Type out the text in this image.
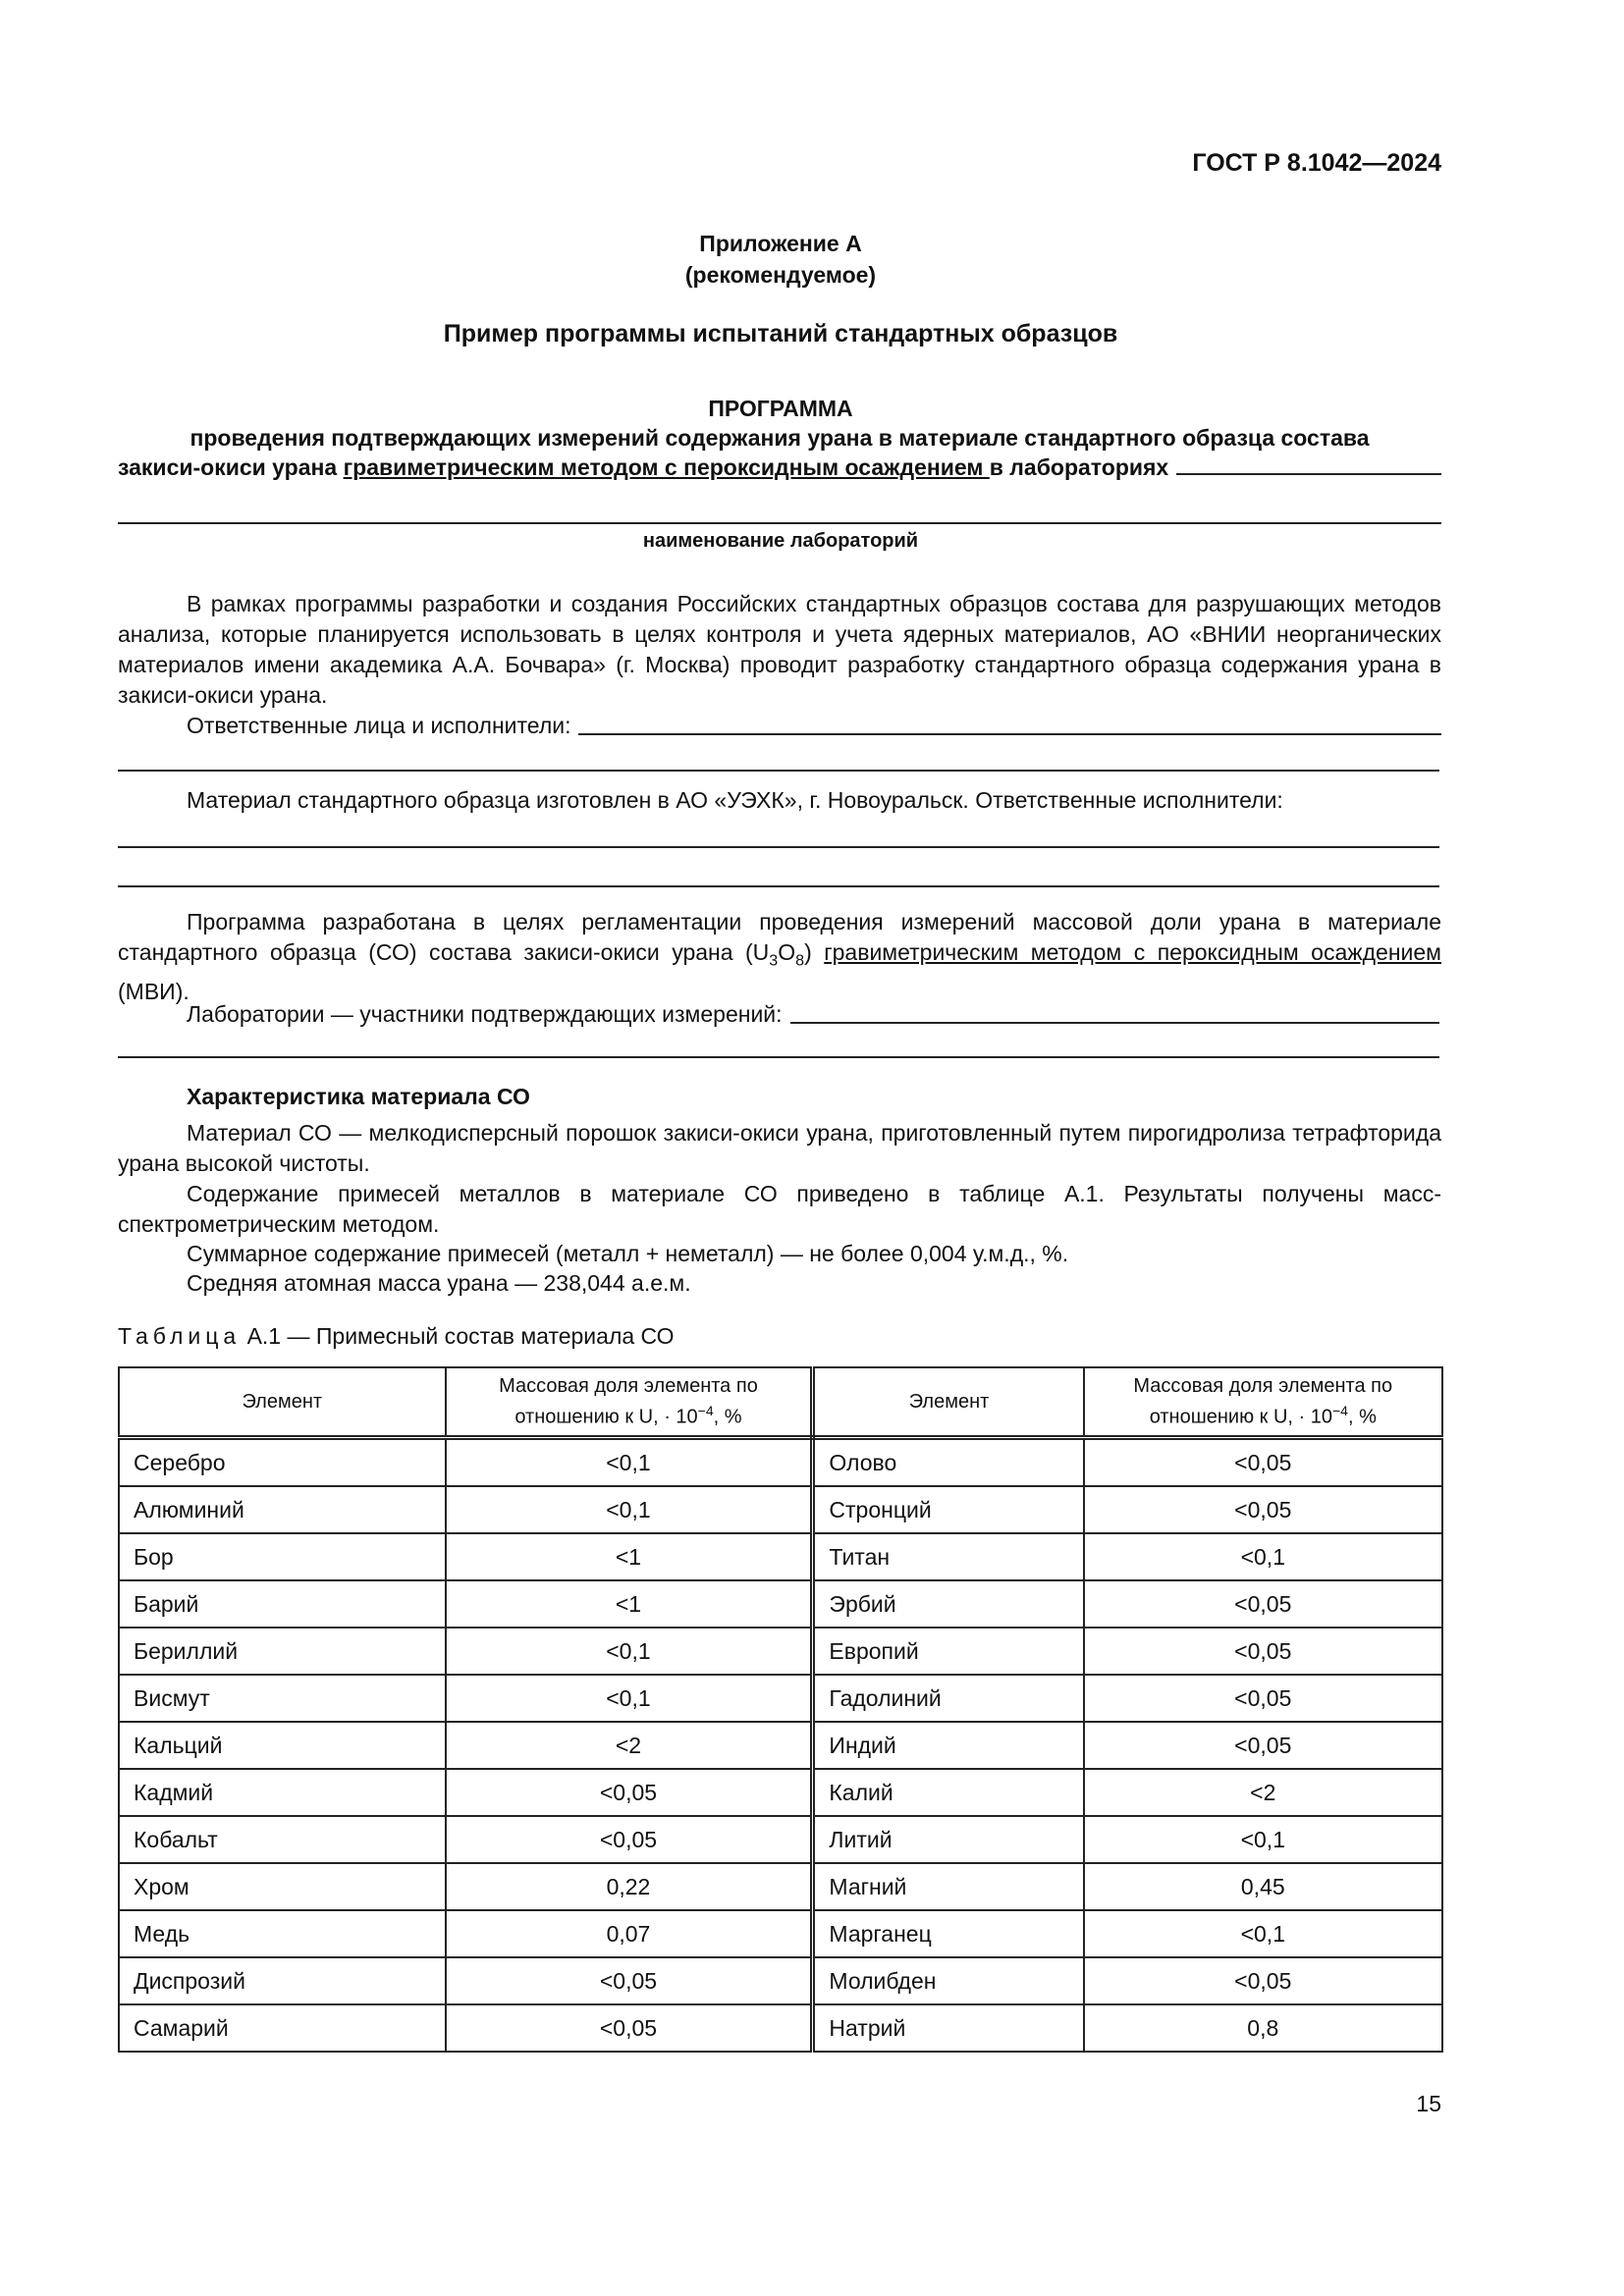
ГОСТ Р 8.1042—2024
Приложение А
(рекомендуемое)
Пример программы испытаний стандартных образцов
ПРОГРАММА
проведения подтверждающих измерений содержания урана в материале стандартного образца состава
закиси-окиси урана гравиметрическим методом с пероксидным осаждением в лабораториях
наименование лабораторий
В рамках программы разработки и создания Российских стандартных образцов состава для разрушающих методов анализа, которые планируется использовать в целях контроля и учета ядерных материалов, АО «ВНИИ неорганических материалов имени академика А.А. Бочвара» (г. Москва) проводит разработку стандартного образца содержания урана в закиси-окиси урана.
Ответственные лица и исполнители:
Материал стандартного образца изготовлен в АО «УЭХК», г. Новоуральск. Ответственные исполнители:
Программа разработана в целях регламентации проведения измерений массовой доли урана в материале стандартного образца (СО) состава закиси-окиси урана $(U_3O_8)$ гравиметрическим методом с пероксидным осаждением (МВИ).
Лаборатории — участники подтверждающих измерений:
Характеристика материала СО
Материал СО — мелкодисперсный порошок закиси-окиси урана, приготовленный путем пирогидролиза тетрафторида урана высокой чистоты.
Содержание примесей металлов в материале СО приведено в таблице А.1. Результаты получены масс-спектрометрическим методом.
Суммарное содержание примесей (металл + неметалл) — не более 0,004 у.м.д., %.
Средняя атомная масса урана — 238,044 а.е.м.
Таблица А.1 — Примесный состав материала СО
Элемент	Массовая доля элемента по отношению к U, · $10^{-4}$, %	Элемент	Массовая доля элемента по отношению к U, · $10^{-4}$, %
Серебро	<0,1	Олово	<0,05
Алюминий	<0,1	Стронций	<0,05
Бор	<1	Титан	<0,1
Барий	<1	Эрбий	<0,05
Бериллий	<0,1	Европий	<0,05
Висмут	<0,1	Гадолиний	<0,05
Кальций	<2	Индий	<0,05
Кадмий	<0,05	Калий	<2
Кобальт	<0,05	Литий	<0,1
Хром	0,22	Магний	0,45
Медь	0,07	Марганец	<0,1
Диспрозий	<0,05	Молибден	<0,05
Самарий	<0,05	Натрий	0,8
15
